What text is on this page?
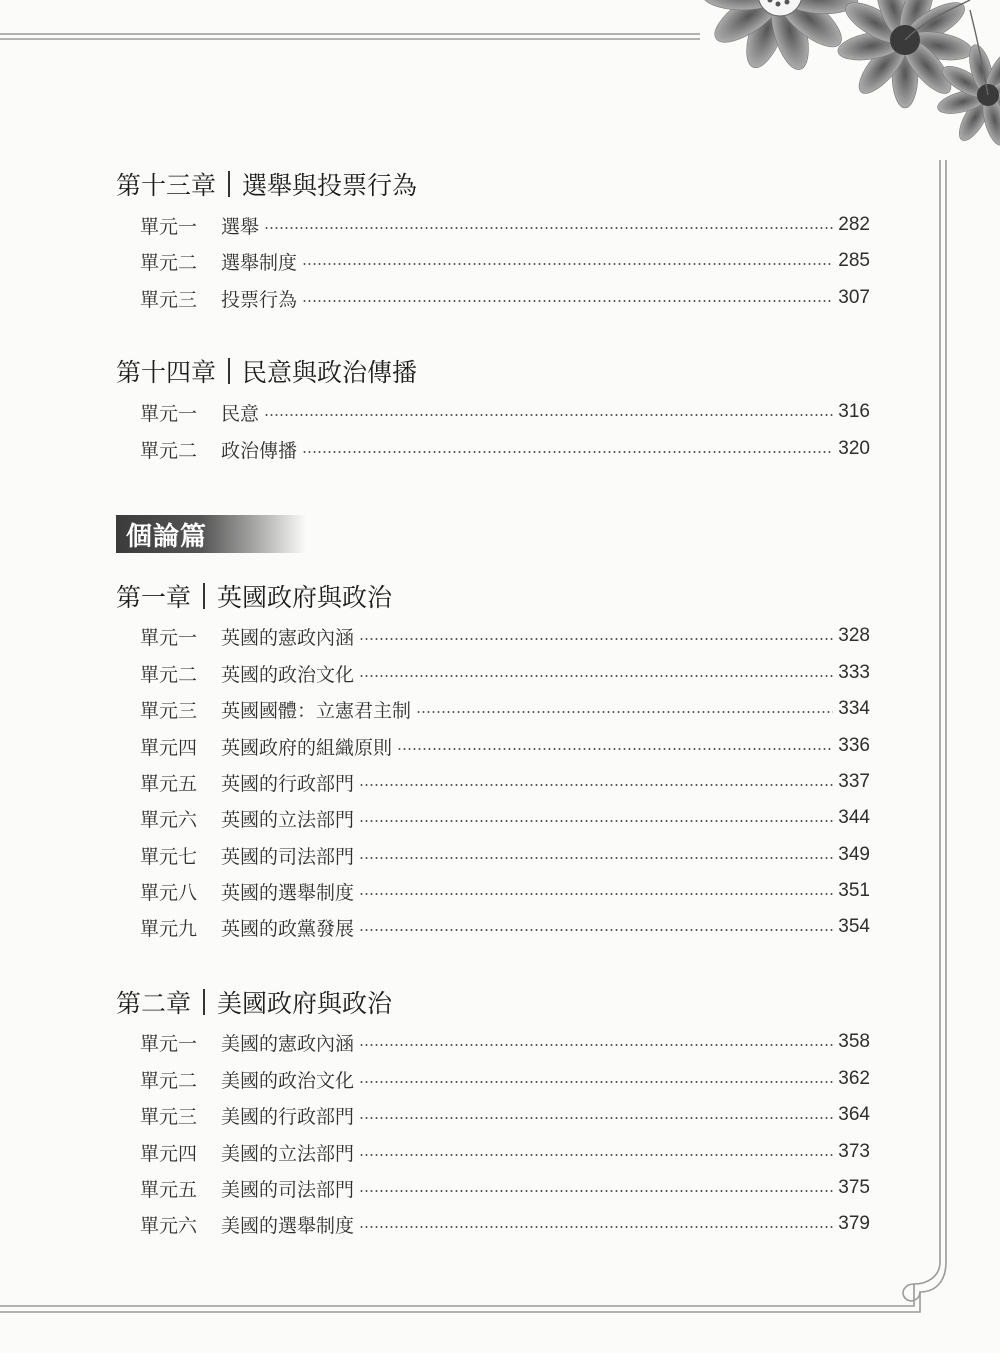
第十三章 選舉與投票行為
單元一	選舉	282
單元二	選舉制度	285
單元三	投票行為	307
第十四章 民意與政治傳播
單元一	民意	316
單元二	政治傳播	320
個論篇
第一章 英國政府與政治
單元一	英國的憲政內涵	328
單元二	英國的政治文化	333
單元三	英國國體：立憲君主制	334
單元四	英國政府的組織原則	336
單元五	英國的行政部門	337
單元六	英國的立法部門	344
單元七	英國的司法部門	349
單元八	英國的選舉制度	351
單元九	英國的政黨發展	354
第二章 美國政府與政治
單元一	美國的憲政內涵	358
單元二	美國的政治文化	362
單元三	美國的行政部門	364
單元四	美國的立法部門	373
單元五	美國的司法部門	375
單元六	美國的選舉制度	379
